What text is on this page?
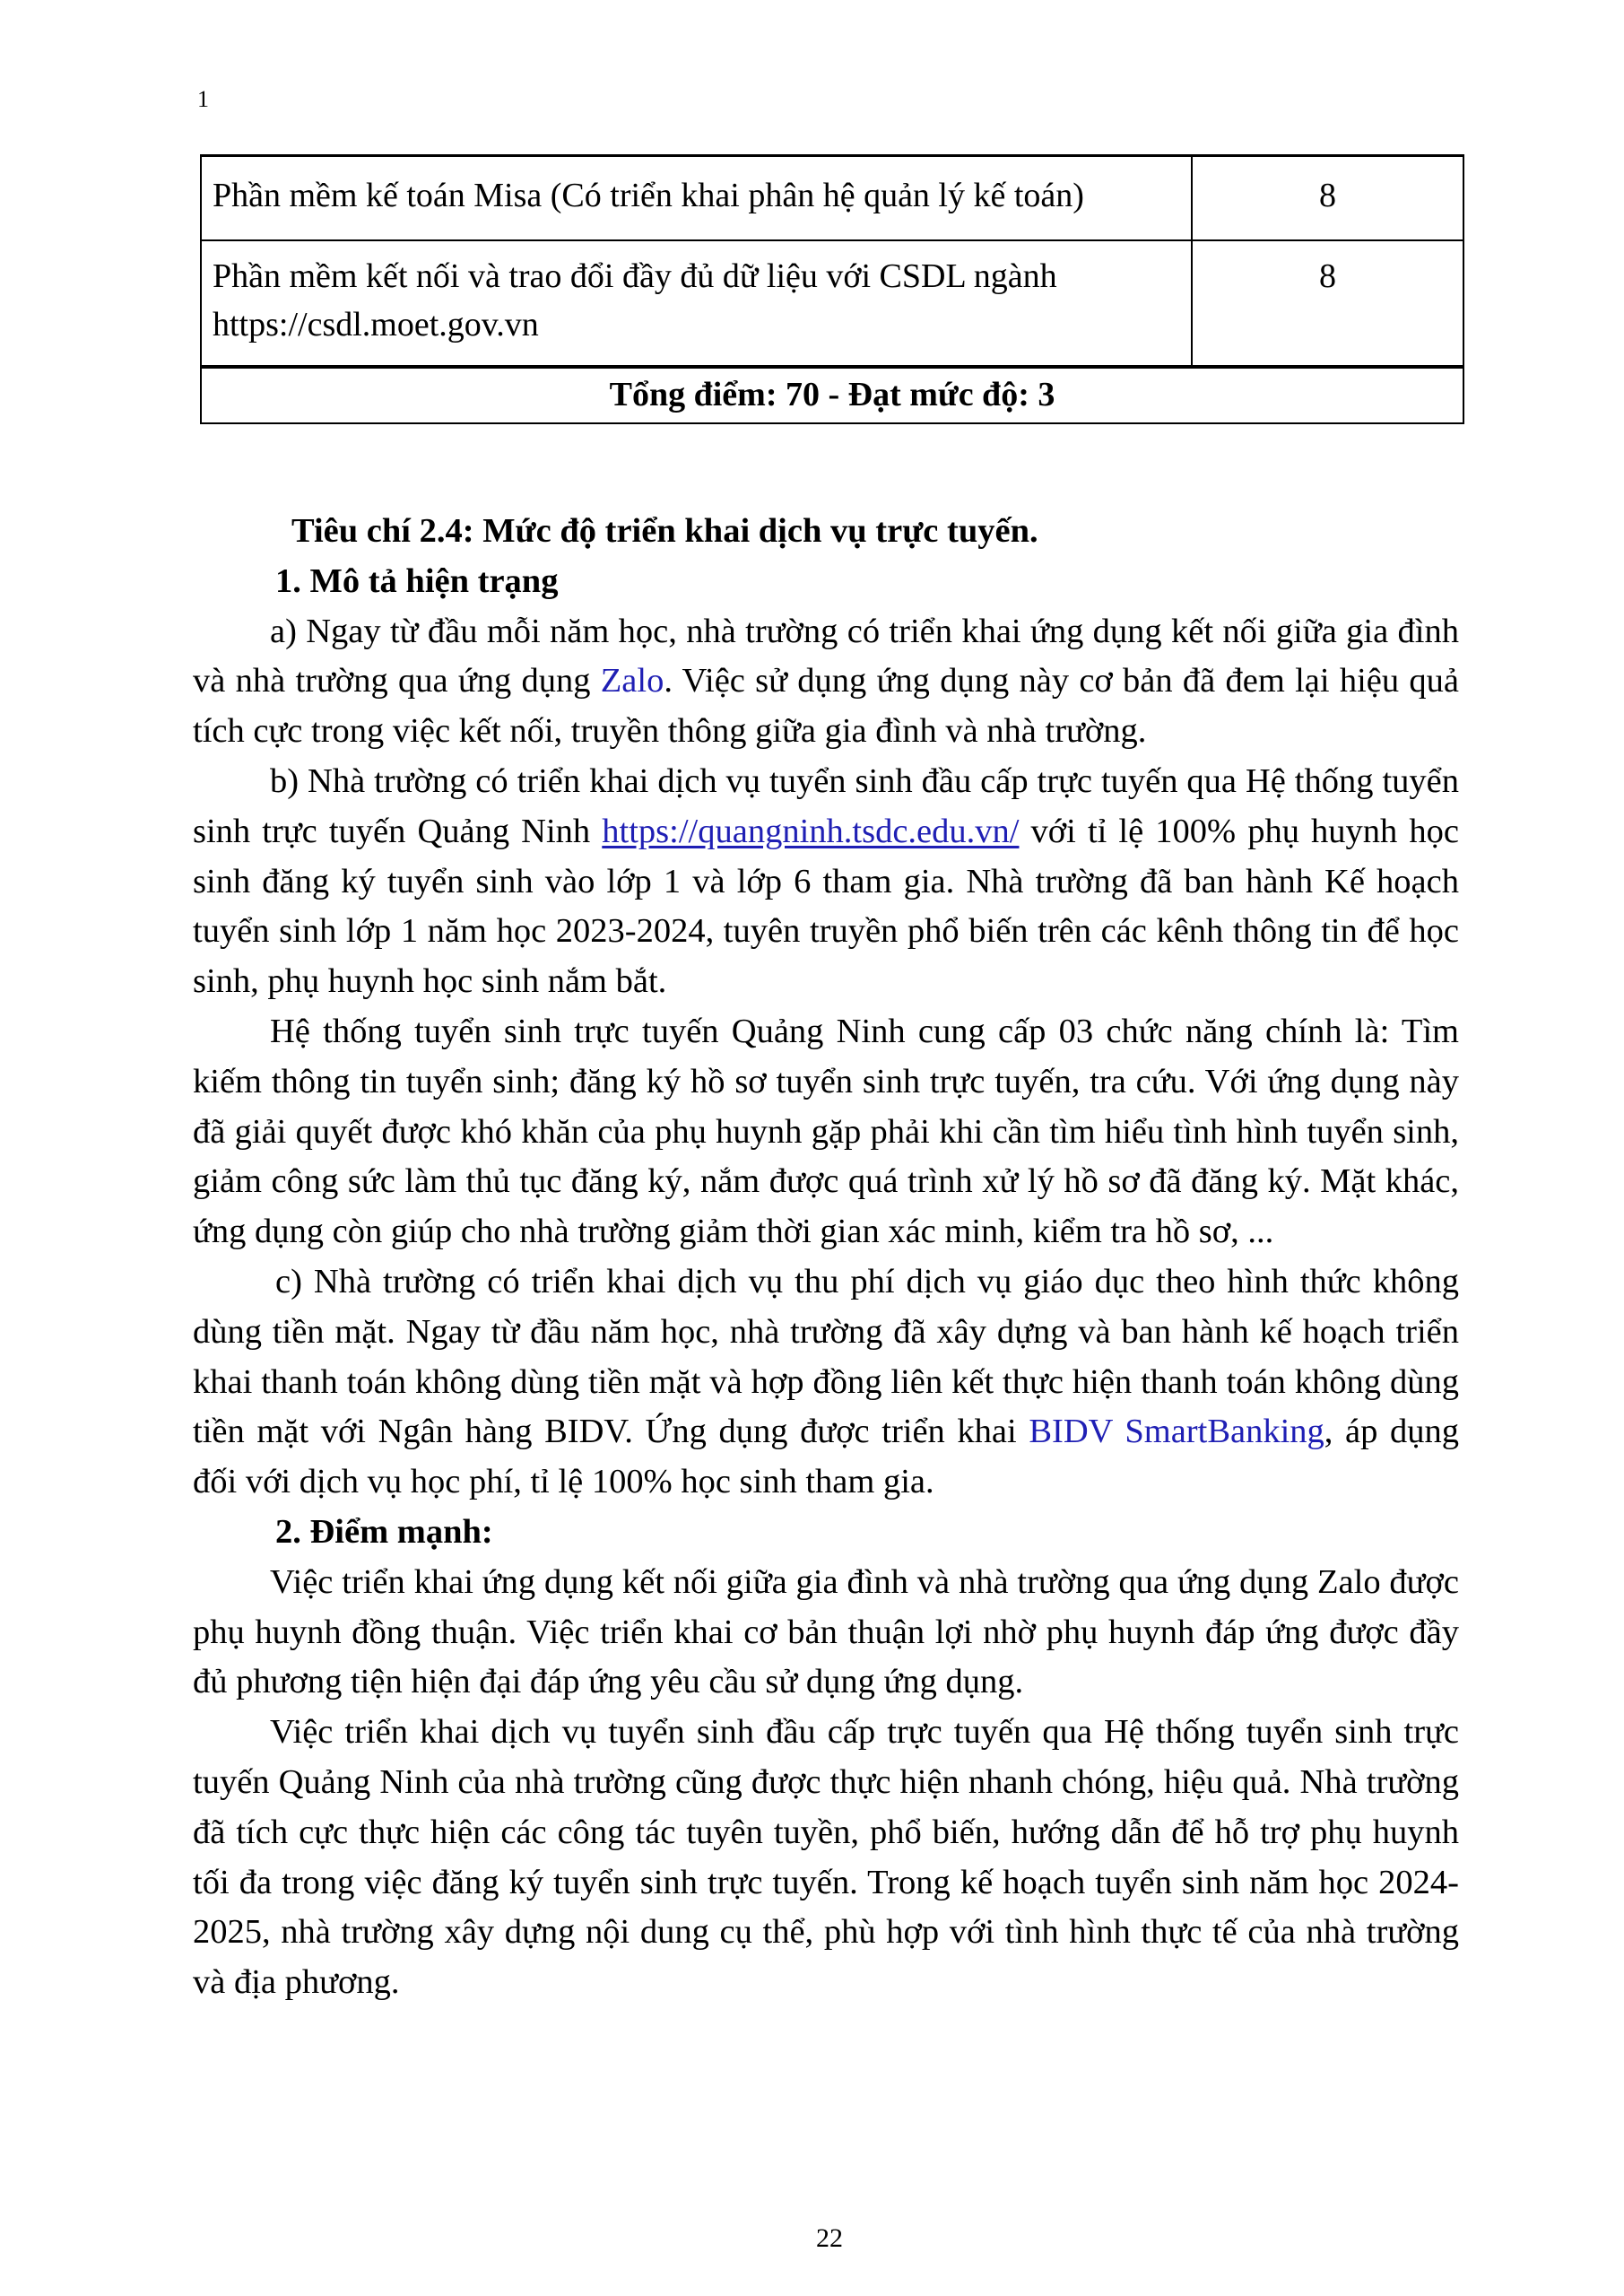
1
Phần mềm kế toán Misa (Có triển khai phân hệ quản lý kế toán)	8

Phần mềm kết nối và trao đổi đầy đủ dữ liệu với CSDL ngành
https://csdl.moet.gov.vn	8
Tổng điểm: 70 - Đạt mức độ: 3	

Tiêu chí 2.4: Mức độ triển khai dịch vụ trực tuyến.

1. Mô tả hiện trạng

a) Ngay từ đầu mỗi năm học, nhà trường có triển khai ứng dụng kết nối giữa gia đình và nhà trường qua ứng dụng Zalo. Việc sử dụng ứng dụng này cơ bản đã đem lại hiệu quả tích cực trong việc kết nối, truyền thông giữa gia đình và nhà trường.

b) Nhà trường có triển khai dịch vụ tuyển sinh đầu cấp trực tuyến qua Hệ thống tuyển sinh trực tuyến Quảng Ninh https://quangninh.tsdc.edu.vn/ với tỉ lệ 100% phụ huynh học sinh đăng ký tuyển sinh vào lớp 1 và lớp 6 tham gia. Nhà trường đã ban hành Kế hoạch tuyển sinh lớp 1 năm học 2023-2024, tuyên truyền phổ biến trên các kênh thông tin để học sinh, phụ huynh học sinh nắm bắt.

Hệ thống tuyển sinh trực tuyến Quảng Ninh cung cấp 03 chức năng chính là: Tìm kiếm thông tin tuyển sinh; đăng ký hồ sơ tuyển sinh trực tuyến, tra cứu. Với ứng dụng này đã giải quyết được khó khăn của phụ huynh gặp phải khi cần tìm hiểu tình hình tuyển sinh, giảm công sức làm thủ tục đăng ký, nắm được quá trình xử lý hồ sơ đã đăng ký. Mặt khác, ứng dụng còn giúp cho nhà trường giảm thời gian xác minh, kiểm tra hồ sơ, ...

c) Nhà trường có triển khai dịch vụ thu phí dịch vụ giáo dục theo hình thức không dùng tiền mặt. Ngay từ đầu năm học, nhà trường đã xây dựng và ban hành kế hoạch triển khai thanh toán không dùng tiền mặt và hợp đồng liên kết thực hiện thanh toán không dùng tiền mặt với Ngân hàng BIDV. Ứng dụng được triển khai BIDV SmartBanking, áp dụng đối với dịch vụ học phí, tỉ lệ 100% học sinh tham gia.

2. Điểm mạnh:

Việc triển khai ứng dụng kết nối giữa gia đình và nhà trường qua ứng dụng Zalo được phụ huynh đồng thuận. Việc triển khai cơ bản thuận lợi nhờ phụ huynh đáp ứng được đầy đủ phương tiện hiện đại đáp ứng yêu cầu sử dụng ứng dụng.

Việc triển khai dịch vụ tuyển sinh đầu cấp trực tuyến qua Hệ thống tuyển sinh trực tuyến Quảng Ninh của nhà trường cũng được thực hiện nhanh chóng, hiệu quả. Nhà trường đã tích cực thực hiện các công tác tuyên tuyền, phổ biến, hướng dẫn để hỗ trợ phụ huynh tối đa trong việc đăng ký tuyển sinh trực tuyến. Trong kế hoạch tuyển sinh năm học 2024-2025, nhà trường xây dựng nội dung cụ thể, phù hợp với tình hình thực tế của nhà trường và địa phương.

22
